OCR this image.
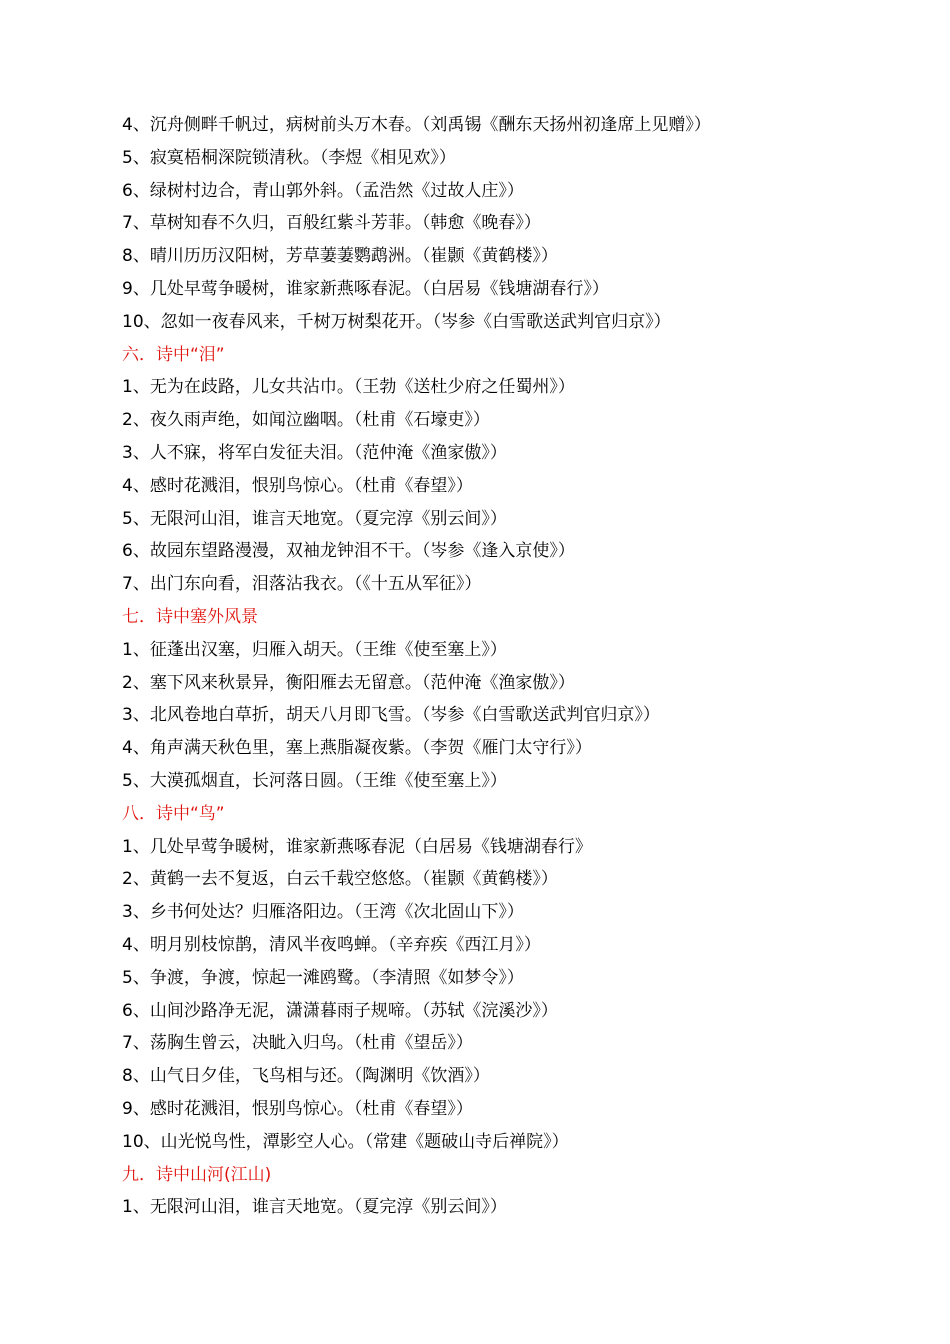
4、沉舟侧畔千帆过，病树前头万木春。（刘禹锡《酬东天扬州初逢席上见赠》）
5、寂寞梧桐深院锁清秋。（李煜《相见欢》）
6、绿树村边合，青山郭外斜。（孟浩然《过故人庄》）
7、草树知春不久归，百般红紫斗芳菲。（韩愈《晚春》）
8、晴川历历汉阳树，芳草萋萋鹦鹉洲。（崔颢《黄鹤楼》）
9、几处早莺争暖树，谁家新燕啄春泥。（白居易《钱塘湖春行》）
10、忽如一夜春风来，千树万树梨花开。（岑参《白雪歌送武判官归京》）
六．诗中“泪”
1、无为在歧路，儿女共沾巾。（王勃《送杜少府之任蜀州》）
2、夜久雨声绝，如闻泣幽咽。（杜甫《石壕吏》）
3、人不寐，将军白发征夫泪。（范仲淹《渔家傲》）
4、感时花溅泪，恨别鸟惊心。（杜甫《春望》）
5、无限河山泪，谁言天地宽。（夏完淳《别云间》）
6、故园东望路漫漫，双袖龙钟泪不干。（岑参《逢入京使》）
7、出门东向看，泪落沾我衣。（《十五从军征》）
七．诗中塞外风景
1、征蓬出汉塞，归雁入胡天。（王维《使至塞上》）
2、塞下风来秋景异，衡阳雁去无留意。（范仲淹《渔家傲》）
3、北风卷地白草折，胡天八月即飞雪。（岑参《白雪歌送武判官归京》）
4、角声满天秋色里，塞上燕脂凝夜紫。（李贺《雁门太守行》）
5、大漠孤烟直，长河落日圆。（王维《使至塞上》）
八．诗中“鸟”
1、几处早莺争暖树，谁家新燕啄春泥（白居易《钱塘湖春行》
2、黄鹤一去不复返，白云千载空悠悠。（崔颢《黄鹤楼》）
3、乡书何处达？归雁洛阳边。（王湾《次北固山下》）
4、明月别枝惊鹊，清风半夜鸣蝉。（辛弃疾《西江月》）
5、争渡，争渡，惊起一滩鸥鹭。（李清照《如梦令》）
6、山间沙路净无泥，潇潇暮雨子规啼。（苏轼《浣溪沙》）
7、荡胸生曾云，决眦入归鸟。（杜甫《望岳》）
8、山气日夕佳，飞鸟相与还。（陶渊明《饮酒》）
9、感时花溅泪，恨别鸟惊心。（杜甫《春望》）
10、山光悦鸟性，潭影空人心。（常建《题破山寺后禅院》）
九．诗中山河(江山)
1、无限河山泪，谁言天地宽。（夏完淳《别云间》）
